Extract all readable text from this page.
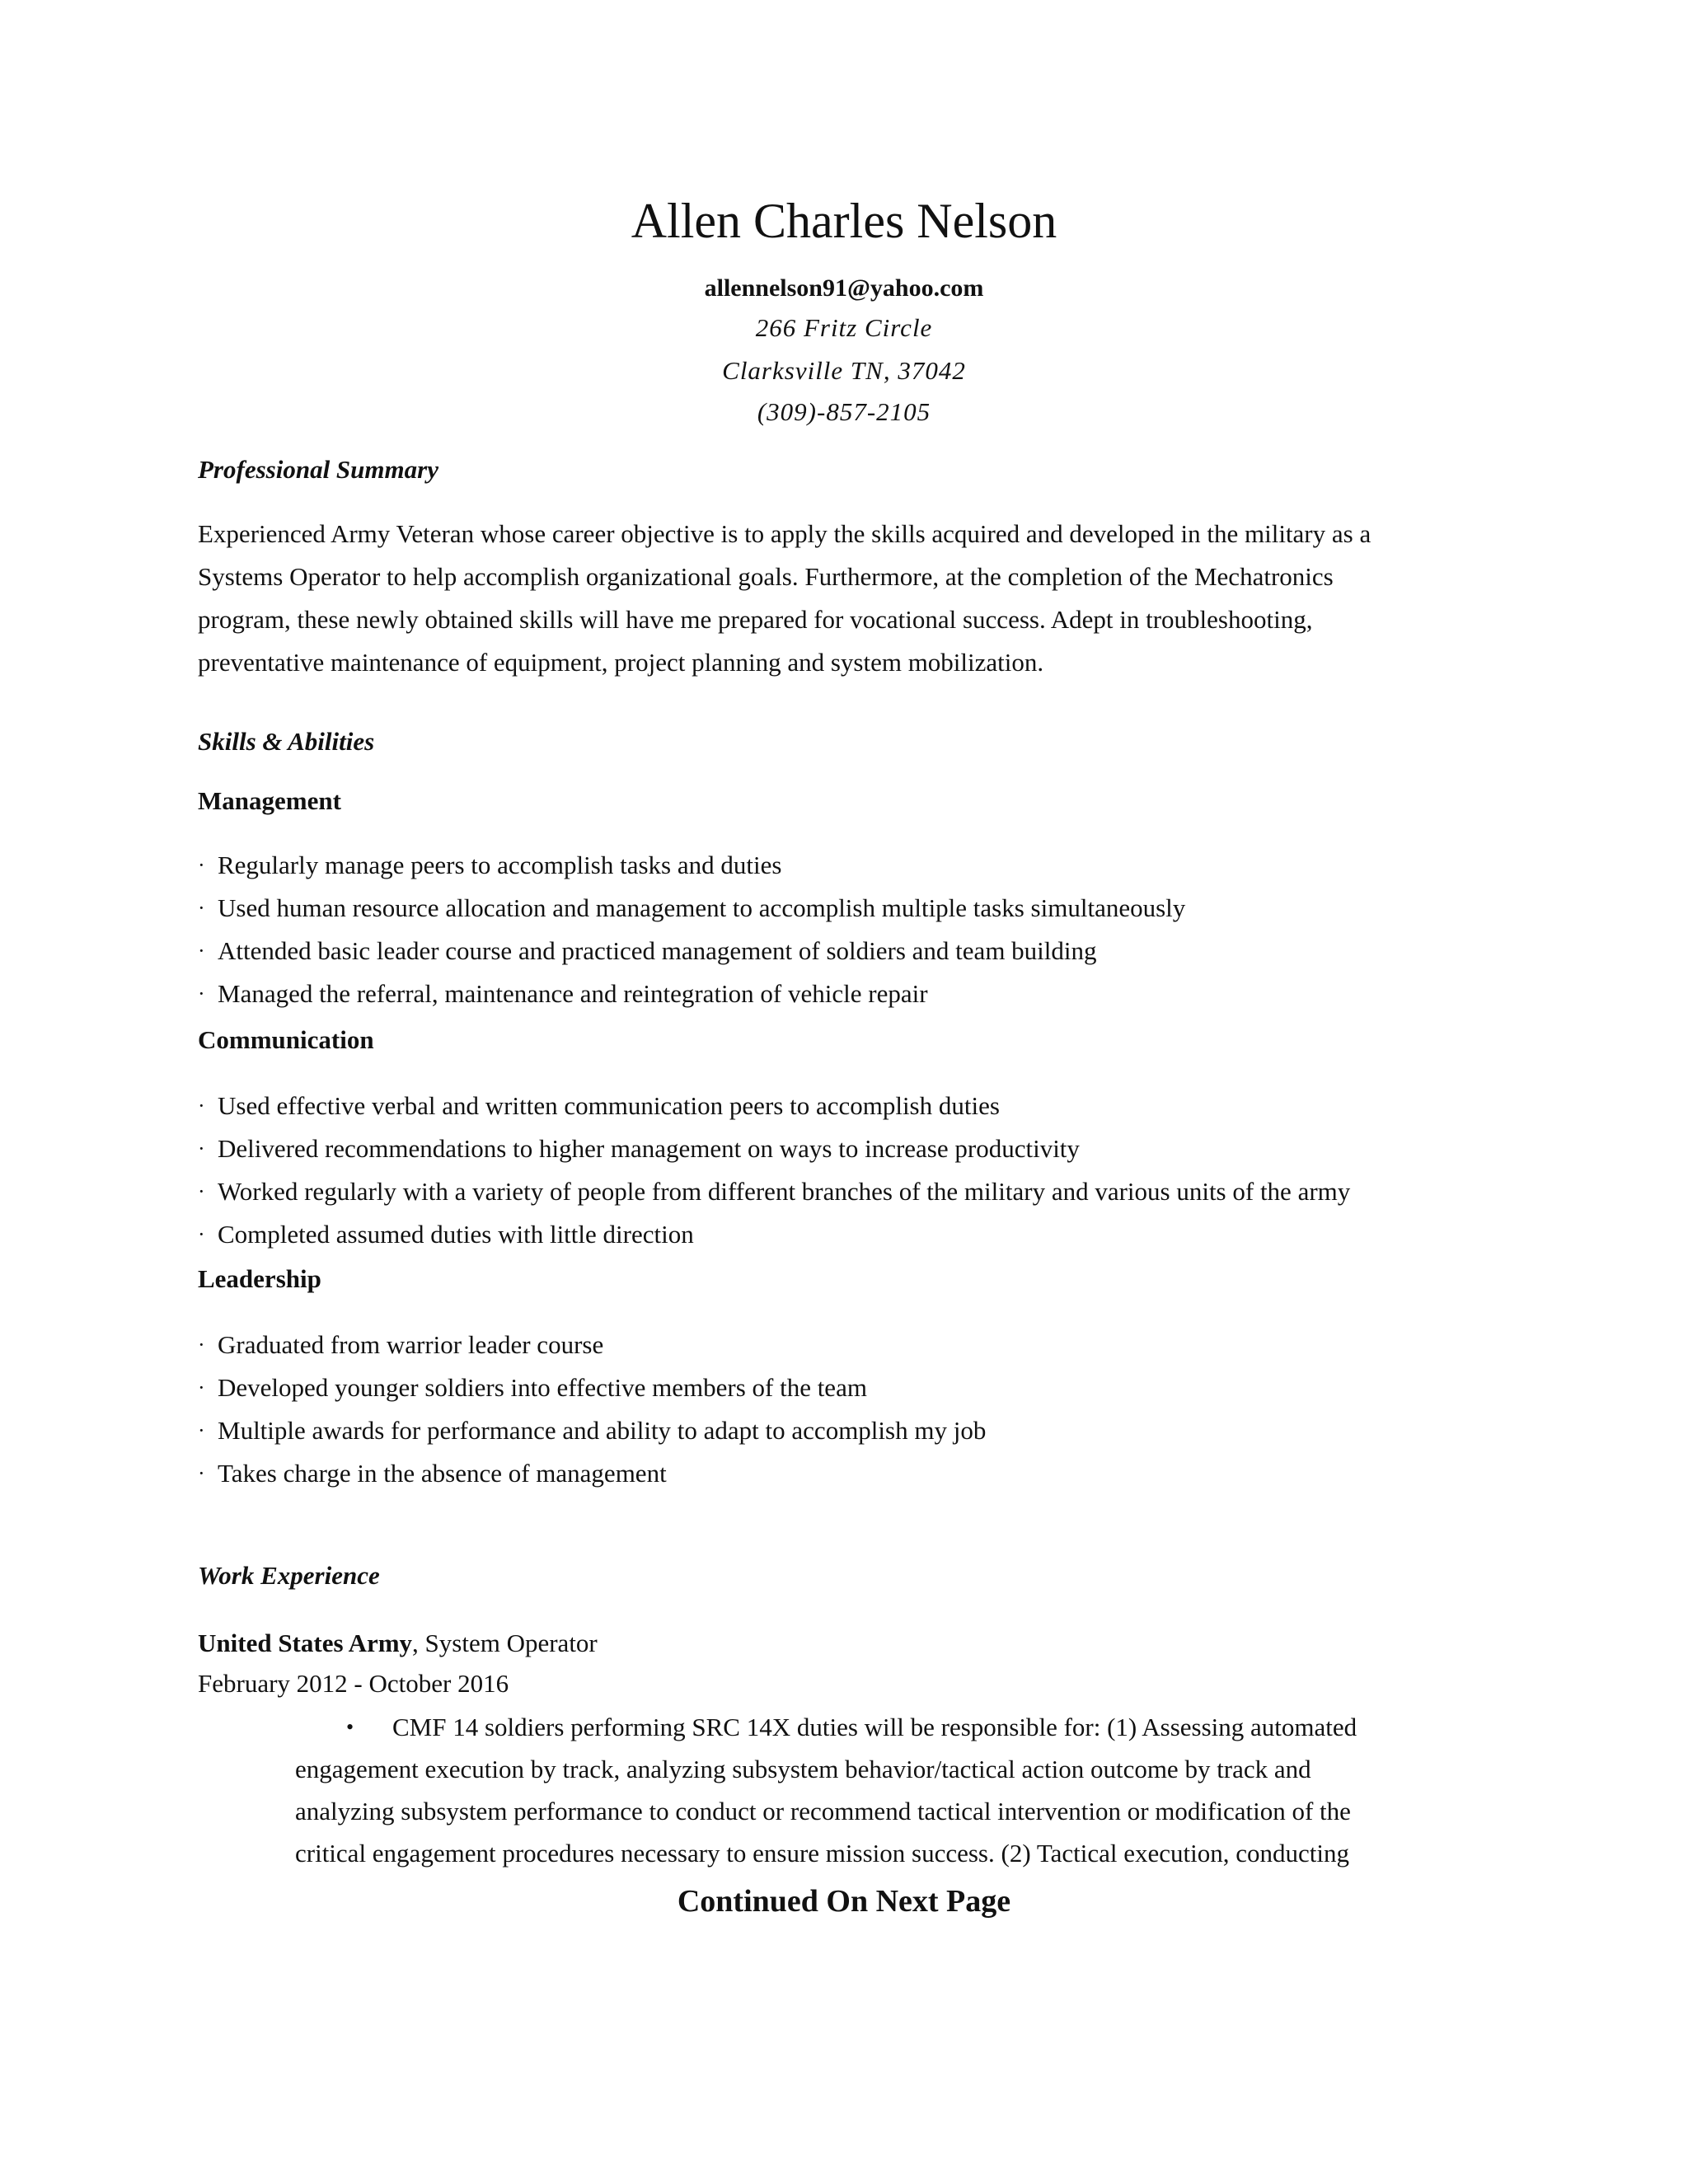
Allen Charles Nelson
allennelson91@yahoo.com
266 Fritz Circle
Clarksville TN, 37042
(309)-857-2105
Professional Summary
Experienced Army Veteran whose career objective is to apply the skills acquired and developed in the military as a
Systems Operator to help accomplish organizational goals. Furthermore, at the completion of the Mechatronics
program, these newly obtained skills will have me prepared for vocational success. Adept in troubleshooting,
preventative maintenance of equipment, project planning and system mobilization.
Skills & Abilities
Management
· Regularly manage peers to accomplish tasks and duties
· Used human resource allocation and management to accomplish multiple tasks simultaneously
· Attended basic leader course and practiced management of soldiers and team building
· Managed the referral, maintenance and reintegration of vehicle repair
Communication
· Used effective verbal and written communication peers to accomplish duties
· Delivered recommendations to higher management on ways to increase productivity
· Worked regularly with a variety of people from different branches of the military and various units of the army
· Completed assumed duties with little direction
Leadership
· Graduated from warrior leader course
· Developed younger soldiers into effective members of the team
· Multiple awards for performance and ability to adapt to accomplish my job
· Takes charge in the absence of management
Work Experience
United States Army, System Operator
February 2012 - October 2016
•	CMF 14 soldiers performing SRC 14X duties will be responsible for: (1) Assessing automated
engagement execution by track, analyzing subsystem behavior/tactical action outcome by track and
analyzing subsystem performance to conduct or recommend tactical intervention or modification of the
critical engagement procedures necessary to ensure mission success. (2) Tactical execution, conducting
Continued On Next Page
